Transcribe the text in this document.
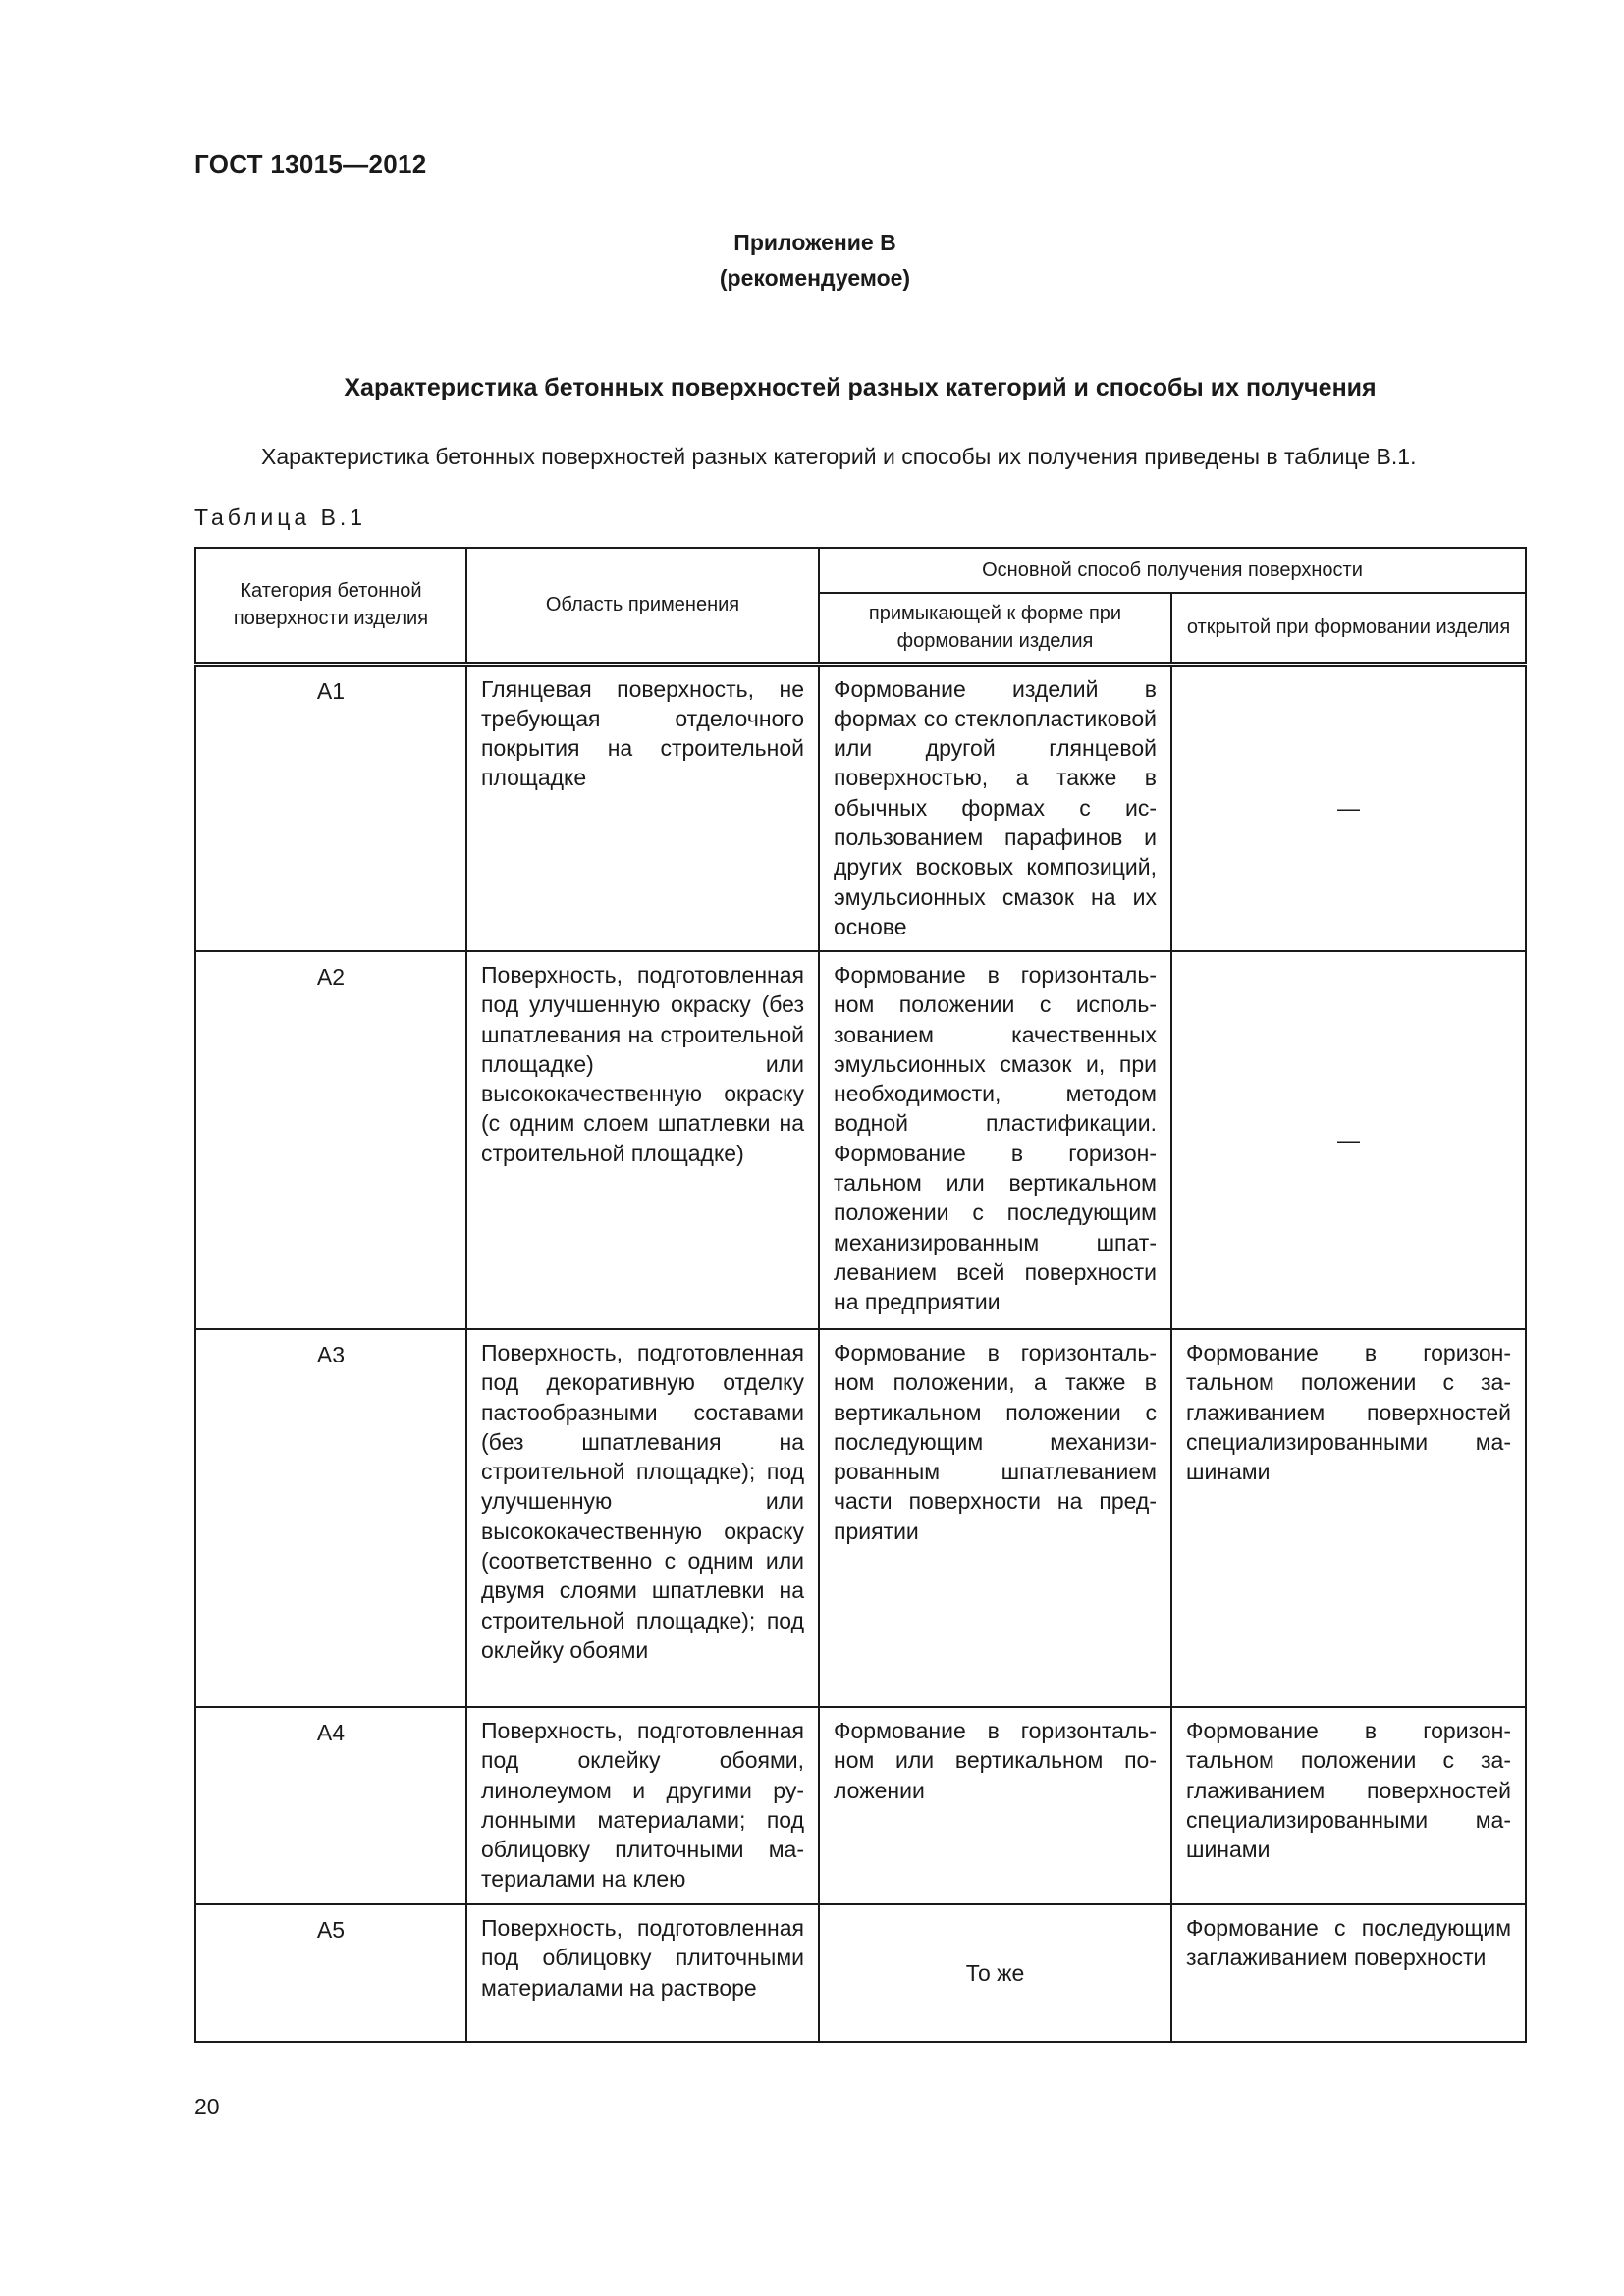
ГОСТ 13015—2012
Приложение В
(рекомендуемое)
Характеристика бетонных поверхностей разных категорий и способы их получения
Характеристика бетонных поверхностей разных категорий и способы их получения приведены в таблице В.1.
Таблица В.1
Категория бетонной поверхности изделия	Область применения	Основной способ получения поверхности	
		примыкающей к форме при формовании изделия	открытой при формовании изделия
А1	Глянцевая поверхность, не требующая отделочного покрытия на строительной площадке	Формование изделий в формах со стеклопластиковой или другой глянцевой поверхностью, а также в обычных формах с использованием парафинов и других восковых композиций, эмульсионных смазок на их основе	—
А2	Поверхность, подготовленная под улучшенную окраску (без шпатлевания на строительной площадке) или высококачественную окраску (с одним слоем шпатлевки на строительной площадке)	Формование в горизонтальном положении с использованием качественных эмульсионных смазок и, при необходимости, методом водной пластификации. Формование в горизонтальном или вертикальном положении с последующим механизированным шпатлеванием всей поверхности на предприятии	—
А3	Поверхность, подготовленная под декоративную отделку пастообразными составами (без шпатлевания на строительной площадке); под улучшенную или высококачественную окраску (соответственно с одним или двумя слоями шпатлевки на строительной площадке); под оклейку обоями	Формование в горизонтальном положении, а также в вертикальном положении с последующим механизированным шпатлеванием части поверхности на предприятии	Формование в горизонтальном положении с заглаживанием поверхностей специализированными машинами
А4	Поверхность, подготовленная под оклейку обоями, линолеумом и другими рулонными материалами; под облицовку плиточными материалами на клею	Формование в горизонтальном или вертикальном положении	Формование в горизонтальном положении с заглаживанием поверхностей специализированными машинами
А5	Поверхность, подготовленная под облицовку плиточными материалами на растворе	То же	Формование с последующим заглаживанием поверхности
20
